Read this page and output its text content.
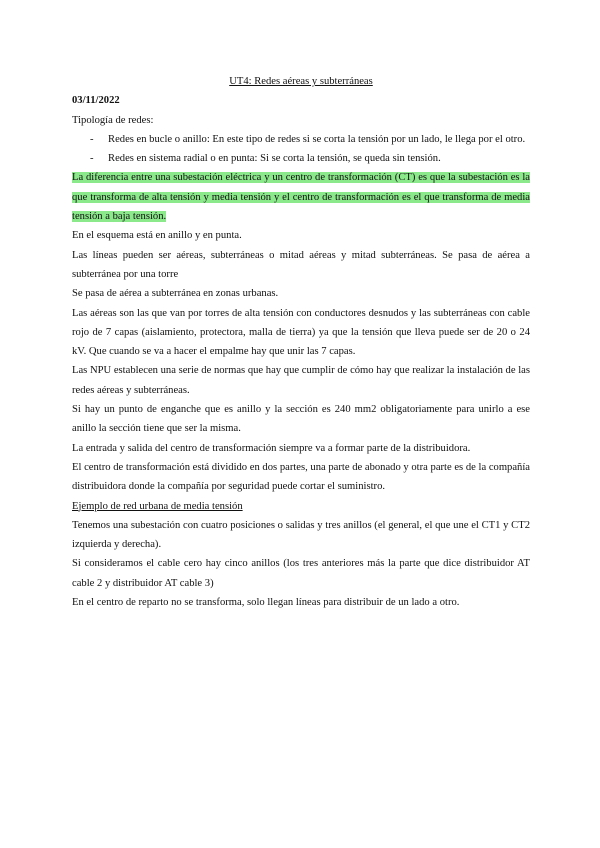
UT4: Redes aéreas y subterráneas

03/11/2022

Tipología de redes:

- Redes en bucle o anillo: En este tipo de redes si se corta la tensión por un lado, le llega por el otro.
- Redes en sistema radial o en punta: Si se corta la tensión, se queda sin tensión.

La diferencia entre una subestación eléctrica y un centro de transformación (CT) es que la subestación es la que transforma de alta tensión y media tensión y el centro de transformación es el que transforma de media tensión a baja tensión.

En el esquema está en anillo y en punta.

Las líneas pueden ser aéreas, subterráneas o mitad aéreas y mitad subterráneas. Se pasa de aérea a subterránea por una torre

Se pasa de aérea a subterránea en zonas urbanas.

Las aéreas son las que van por torres de alta tensión con conductores desnudos y las subterráneas con cable rojo de 7 capas (aislamiento, protectora, malla de tierra) ya que la tensión que lleva puede ser de 20 o 24 kV. Que cuando se va a hacer el empalme hay que unir las 7 capas.

Las NPU establecen una serie de normas que hay que cumplir de cómo hay que realizar la instalación de las redes aéreas y subterráneas.

Si hay un punto de enganche que es anillo y la sección es 240 mm2 obligatoriamente para unirlo a ese anillo la sección tiene que ser la misma.

La entrada y salida del centro de transformación siempre va a formar parte de la distribuidora.

El centro de transformación está dividido en dos partes, una parte de abonado y otra parte es de la compañía distribuidora donde la compañía por seguridad puede cortar el suministro.

Ejemplo de red urbana de media tensión

Tenemos una subestación con cuatro posiciones o salidas y tres anillos (el general, el que une el CT1 y CT2 izquierda y derecha).

Si consideramos el cable cero hay cinco anillos (los tres anteriores más la parte que dice distribuidor AT cable 2 y distribuidor AT cable 3)

En el centro de reparto no se transforma, solo llegan líneas para distribuir de un lado a otro.
